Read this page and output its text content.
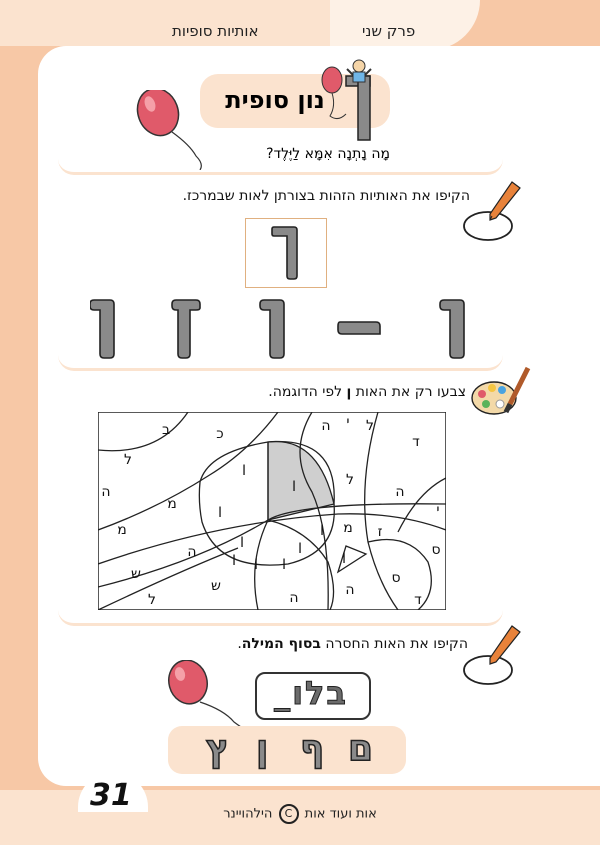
אותיות סופיות	פרק שני
נון סופית
מָה נָתְנָה אִמָּא לַיֶּלֶד?
הקיפו את האותיות הזהות בצורתן לאות שבמרכז.
צבעו רק את האות ן לפי הדוגמה.
ב	כ	ה י ל
ד
ל	ן
ן	ל
ה	ה
מ	ן	י
מ	ן מ ז
ן	ן
ה	ן	ס
ש
ן ן
ן
ס
ש	ה
ה
ל	ד
הקיפו את האות החסרה בסוף המילה.
בלו_
ם
ף
ן
ץ
31
אות ועוד אות C הילהויינר
